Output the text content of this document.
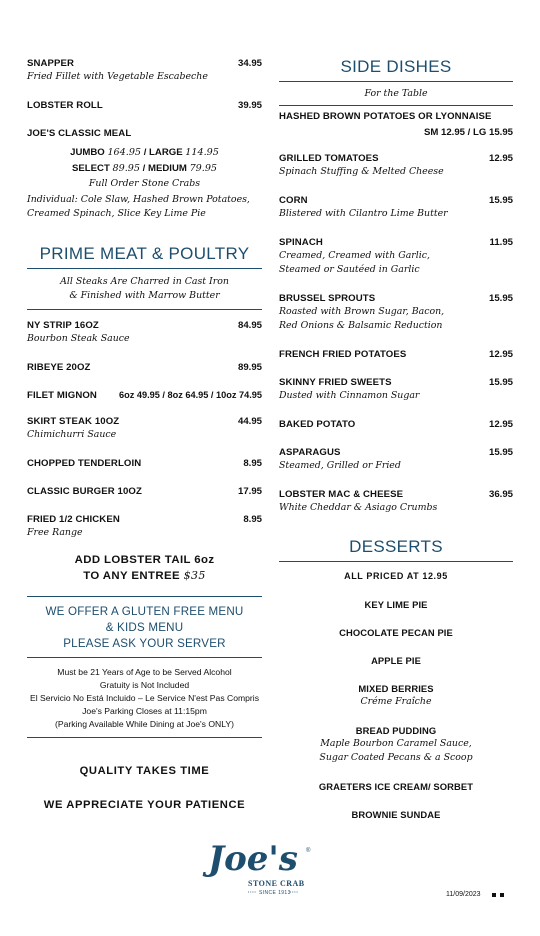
SNAPPER	34.95
Fried Fillet with Vegetable Escabeche
LOBSTER ROLL	39.95
JOE'S CLASSIC MEAL
JUMBO 164.95 / LARGE 114.95
SELECT 89.95 / MEDIUM 79.95
Full Order Stone Crabs
Individual: Cole Slaw, Hashed Brown Potatoes,
Creamed Spinach, Slice Key Lime Pie
PRIME MEAT & POULTRY
All Steaks Are Charred in Cast Iron
& Finished with Marrow Butter
NY STRIP 16OZ	84.95
Bourbon Steak Sauce
RIBEYE 20OZ	89.95
FILET MIGNON 6oz 49.95 / 8oz 64.95 / 10oz 74.95
SKIRT STEAK 10OZ	44.95
Chimichurri Sauce
CHOPPED TENDERLOIN	8.95
CLASSIC BURGER 10OZ	17.95
FRIED 1/2 CHICKEN	8.95
Free Range
ADD LOBSTER TAIL 6oz
TO ANY ENTREE $35
WE OFFER A GLUTEN FREE MENU
& KIDS MENU
PLEASE ASK YOUR SERVER
Must be 21 Years of Age to be Served Alcohol
Gratuity is Not Included
El Servicio No Está Incluido – Le Service N'est Pas Compris
Joe's Parking Closes at 11:15pm
(Parking Available While Dining at Joe's ONLY)
QUALITY TAKES TIME
WE APPRECIATE YOUR PATIENCE
SIDE DISHES
For the Table
HASHED BROWN POTATOES OR LYONNAISE
SM 12.95 / LG 15.95
GRILLED TOMATOES	12.95
Spinach Stuffing & Melted Cheese
CORN	15.95
Blistered with Cilantro Lime Butter
SPINACH	11.95
Creamed, Creamed with Garlic,
Steamed or Sautéed in Garlic
BRUSSEL SPROUTS	15.95
Roasted with Brown Sugar, Bacon,
Red Onions & Balsamic Reduction
FRENCH FRIED POTATOES	12.95
SKINNY FRIED SWEETS	15.95
Dusted with Cinnamon Sugar
BAKED POTATO	12.95
ASPARAGUS	15.95
Steamed, Grilled or Fried
LOBSTER MAC & CHEESE	36.95
White Cheddar & Asiago Crumbs
DESSERTS
ALL PRICED AT 12.95
KEY LIME PIE
CHOCOLATE PECAN PIE
APPLE PIE
MIXED BERRIES
Créme Fraîche
BREAD PUDDING
Maple Bourbon Caramel Sauce,
Sugar Coated Pecans & a Scoop
GRAETERS ICE CREAM/ SORBET
BROWNIE SUNDAE
Joe's ®
STONE CRAB
SINCE 1913	11/09/2023
